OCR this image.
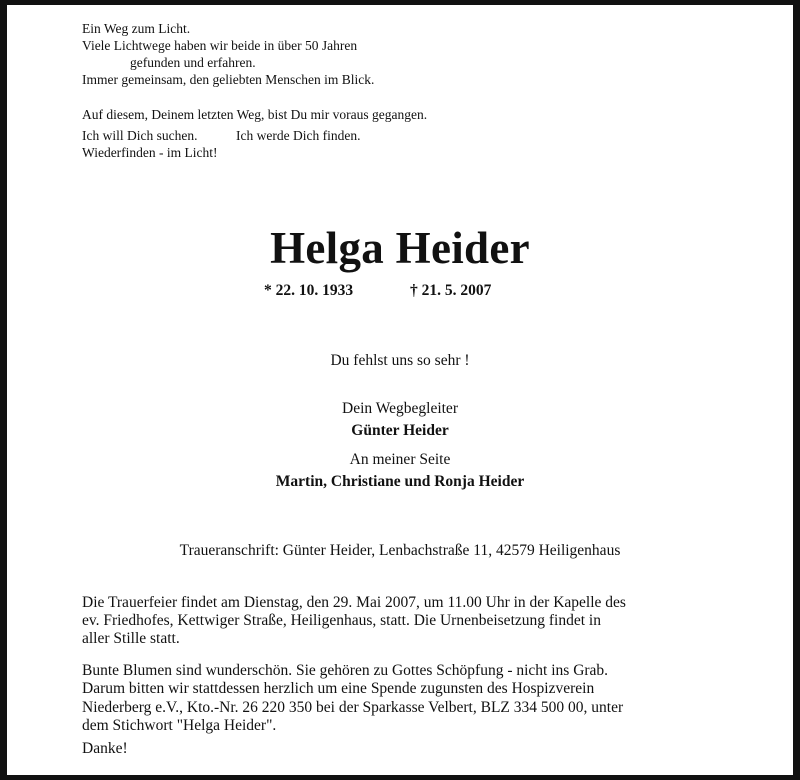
Ein Weg zum Licht.
Viele Lichtwege haben wir beide in über 50 Jahren
gefunden und erfahren.
Immer gemeinsam, den geliebten Menschen im Blick.
Auf diesem, Deinem letzten Weg, bist Du mir voraus gegangen.
Ich will Dich suchen.	Ich werde Dich finden.
Wiederfinden - im Licht!
Helga Heider
* 22. 10. 1933	† 21. 5. 2007
Du fehlst uns so sehr !
Dein Wegbegleiter
Günter Heider
An meiner Seite
Martin, Christiane und Ronja Heider
Traueranschrift: Günter Heider, Lenbachstraße 11, 42579 Heiligenhaus
Die Trauerfeier findet am Dienstag, den 29. Mai 2007, um 11.00 Uhr in der Kapelle des
ev. Friedhofes, Kettwiger Straße, Heiligenhaus, statt. Die Urnenbeisetzung findet in
aller Stille statt.
Bunte Blumen sind wunderschön. Sie gehören zu Gottes Schöpfung - nicht ins Grab.
Darum bitten wir stattdessen herzlich um eine Spende zugunsten des Hospizverein
Niederberg e.V., Kto.-Nr. 26 220 350 bei der Sparkasse Velbert, BLZ 334 500 00, unter
dem Stichwort "Helga Heider".
Danke!
